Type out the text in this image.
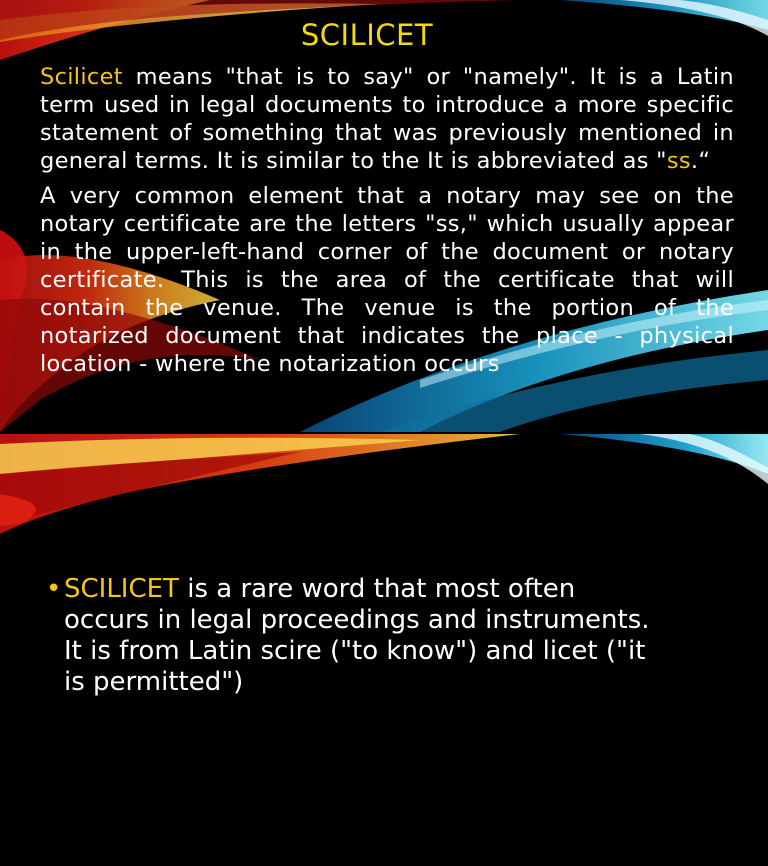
SCILICET

Scilicet means "that is to say" or "namely". It is a Latin term used in legal documents to introduce a more specific statement of something that was previously mentioned in general terms. It is similar to the It is abbreviated as "ss.“

A very common element that a notary may see on the notary certificate are the letters "ss," which usually appear in the upper-left-hand corner of the document or notary certificate. This is the area of the certificate that will contain the venue. The venue is the portion of the notarized document that indicates the place - physical location - where the notarization occurs

• SCILICET is a rare word that most often occurs in legal proceedings and instruments. It is from Latin scire ("to know") and licet ("it is permitted")
